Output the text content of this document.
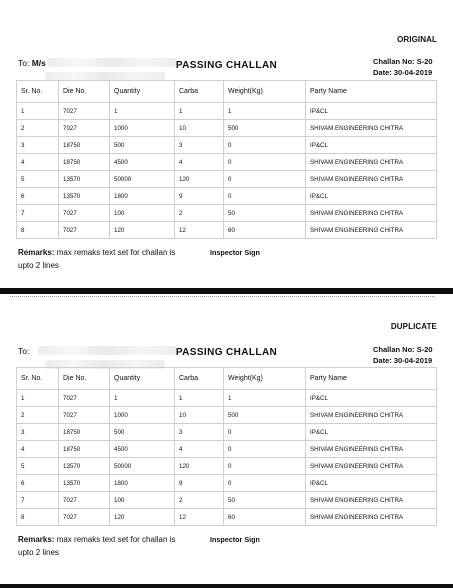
ORIGINAL
To: M/s	PASSING CHALLAN	Challan No: S-20
Date: 30-04-2019
Sr. No.	Die No.	Quantity	Carba	Weight(Kg)	Party Name
1	7027	1	1	1	IP&CL
2	7027	1000	10	500	SHIVAM ENGINEERING CHITRA
3	18750	500	3	0	IP&CL
4	18750	4500	4	0	SHIVAM ENGINEERING CHITRA
5	13570	50000	120	0	SHIVAM ENGINEERING CHITRA
6	13570	1800	9	0	IP&CL
7	7027	100	2	50	SHIVAM ENGINEERING CHITRA
8	7027	120	12	60	SHIVAM ENGINEERING CHITRA
Remarks: max remaks text set for challan is upto 2 lines
Inspector Sign
DUPLICATE
To:	PASSING CHALLAN	Challan No: S-20
Date: 30-04-2019
Sr. No.	Die No.	Quantity	Carba	Weight(Kg)	Party Name
1	7027	1	1	1	IP&CL
2	7027	1000	10	500	SHIVAM ENGINEERING CHITRA
3	18750	500	3	0	IP&CL
4	18750	4500	4	0	SHIVAM ENGINEERING CHITRA
5	13570	50000	120	0	SHIVAM ENGINEERING CHITRA
6	13570	1800	9	0	IP&CL
7	7027	100	2	50	SHIVAM ENGINEERING CHITRA
8	7027	120	12	60	SHIVAM ENGINEERING CHITRA
Remarks: max remaks text set for challan is upto 2 lines
Inspector Sign
